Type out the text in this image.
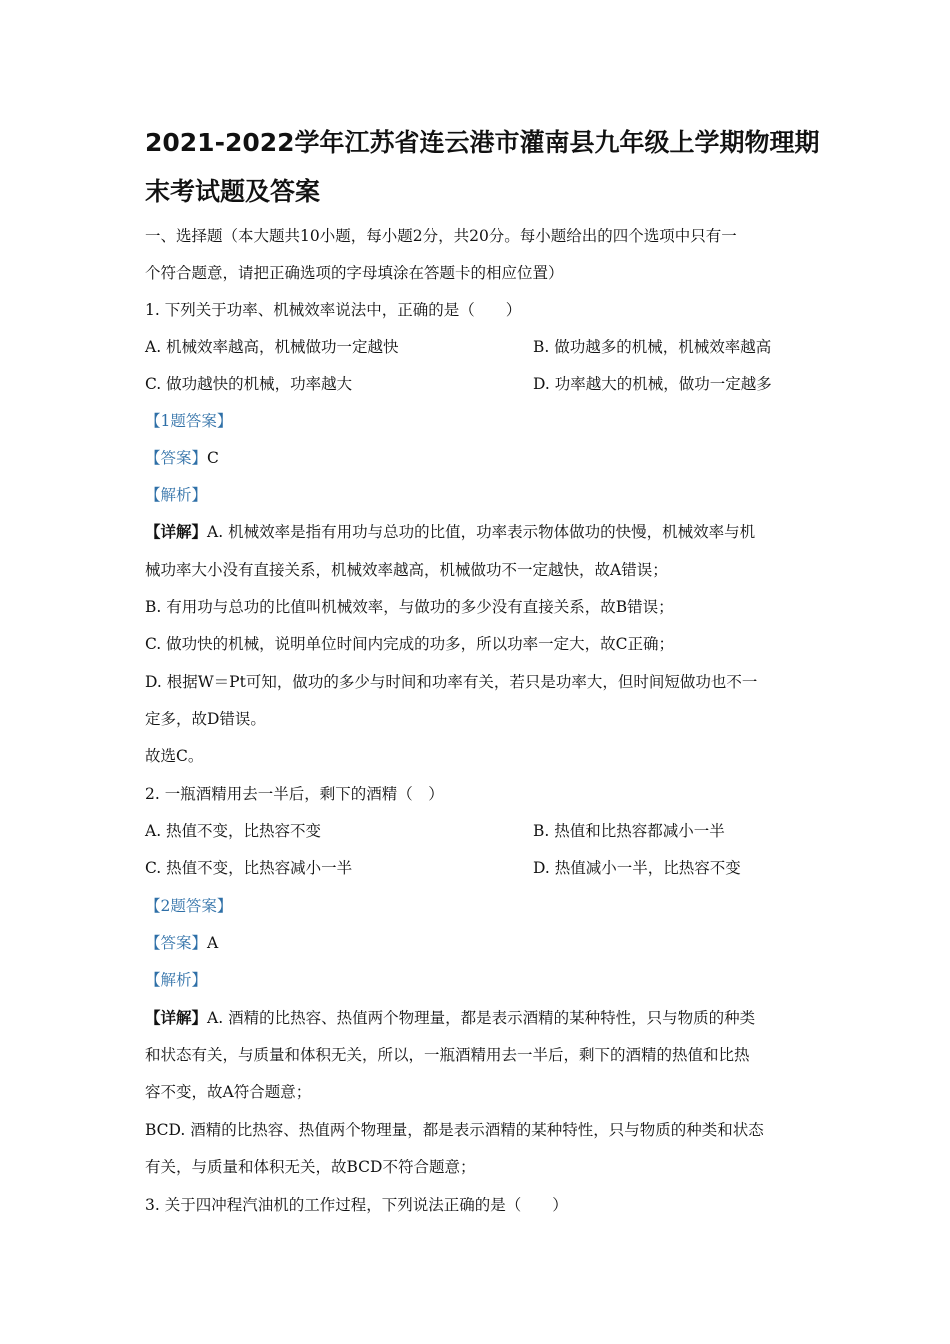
2021-2022学年江苏省连云港市灌南县九年级上学期物理期
末考试题及答案
一、选择题（本大题共10小题，每小题2分，共20分。每小题给出的四个选项中只有一
个符合题意，请把正确选项的字母填涂在答题卡的相应位置）
1. 下列关于功率、机械效率说法中，正确的是（　　）
A. 机械效率越高，机械做功一定越快	B. 做功越多的机械，机械效率越高
C. 做功越快的机械，功率越大	D. 功率越大的机械，做功一定越多
【1题答案】
【答案】C
【解析】
【详解】A. 机械效率是指有用功与总功的比值，功率表示物体做功的快慢，机械效率与机
械功率大小没有直接关系，机械效率越高，机械做功不一定越快，故A错误；
B. 有用功与总功的比值叫机械效率，与做功的多少没有直接关系，故B错误；
C. 做功快的机械，说明单位时间内完成的功多，所以功率一定大，故C正确；
D. 根据W＝Pt可知，做功的多少与时间和功率有关，若只是功率大，但时间短做功也不一
定多，故D错误。
故选C。
2. 一瓶酒精用去一半后，剩下的酒精（　）
A. 热值不变，比热容不变	B. 热值和比热容都减小一半
C. 热值不变，比热容减小一半	D. 热值减小一半，比热容不变
【2题答案】
【答案】A
【解析】
【详解】A. 酒精的比热容、热值两个物理量，都是表示酒精的某种特性，只与物质的种类
和状态有关，与质量和体积无关，所以，一瓶酒精用去一半后，剩下的酒精的热值和比热
容不变，故A符合题意；
BCD. 酒精的比热容、热值两个物理量，都是表示酒精的某种特性，只与物质的种类和状态
有关，与质量和体积无关，故BCD不符合题意；
3. 关于四冲程汽油机的工作过程，下列说法正确的是（　　）
